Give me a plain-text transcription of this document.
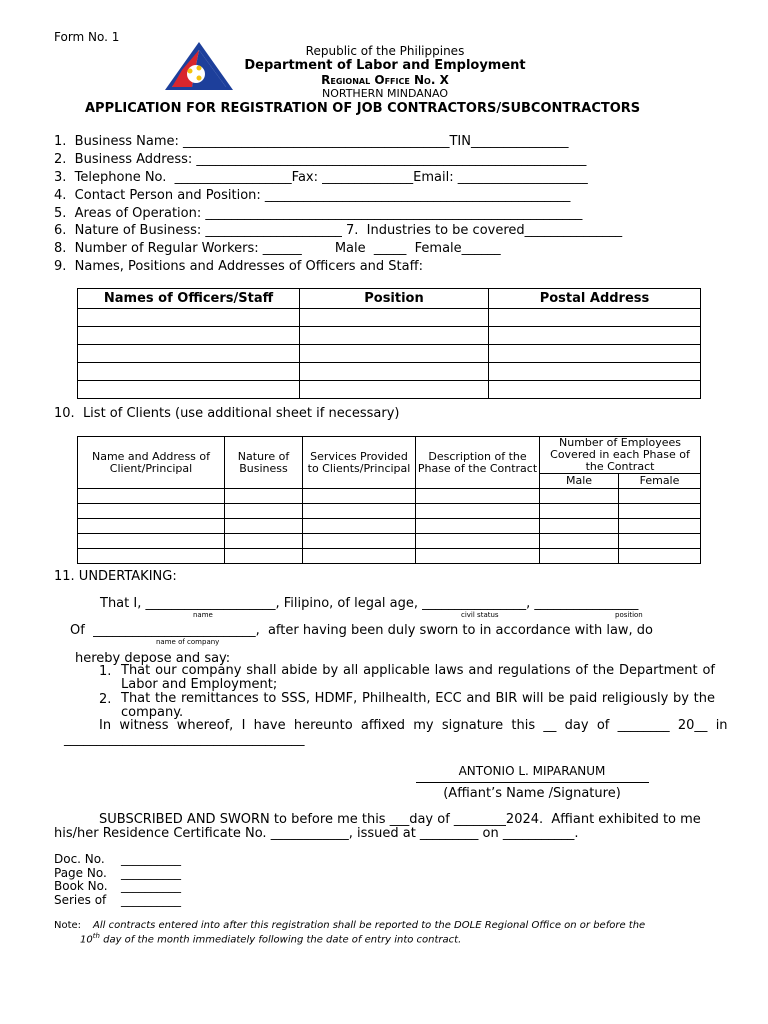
Form No. 1
Republic of the Philippines
Department of Labor and Employment
Regional Office No. X
NORTHERN MINDANAO
APPLICATION FOR REGISTRATION OF JOB CONTRACTORS/SUBCONTRACTORS
1.  Business Name: _________________________________________TIN_______________
2.  Business Address: ____________________________________________________________
3.  Telephone No.  __________________Fax: ______________Email: ____________________
4.  Contact Person and Position: _______________________________________________
5.  Areas of Operation: __________________________________________________________
6.  Nature of Business: _____________________ 7.  Industries to be covered_______________
8.  Number of Regular Workers: ______        Male  _____  Female______
9.  Names, Positions and Addresses of Officers and Staff:
Names of Officers/Staff	Position	Postal Address

10.  List of Clients (use additional sheet if necessary)
Name and Address of Client/Principal	Nature of Business	Services Provided to Clients/Principal	Description of the Phase of the Contract	Number of Employees Covered in each Phase of the Contract	
				Male	Female

11. UNDERTAKING:
That I, ____________________, Filipino, of legal age, ________________, ________________
name	civil status	position
Of  _________________________,  after having been duly sworn to in accordance with law, do
name of company
hereby depose and say:
1. That our company shall abide by all applicable laws and regulations of the Department of Labor and Employment;
2. That the remittances to SSS, HDMF, Philhealth, ECC and BIR will be paid religiously by the company.
In  witness  whereof,  I  have  hereunto  affixed  my  signature  this  __  day  of  ________  20__  in
_____________________________________
ANTONIO L. MIPARANUM
(Affiant’s Name /Signature)
SUBSCRIBED AND SWORN to before me this ___day of ________2024.  Affiant exhibited to me
his/her Residence Certificate No. ____________, issued at _________ on ___________.
Doc. No. __________
Page No. __________
Book No. __________
Series of __________
Note: All contracts entered into after this registration shall be reported to the DOLE Regional Office on or before the
10th day of the month immediately following the date of entry into contract.
